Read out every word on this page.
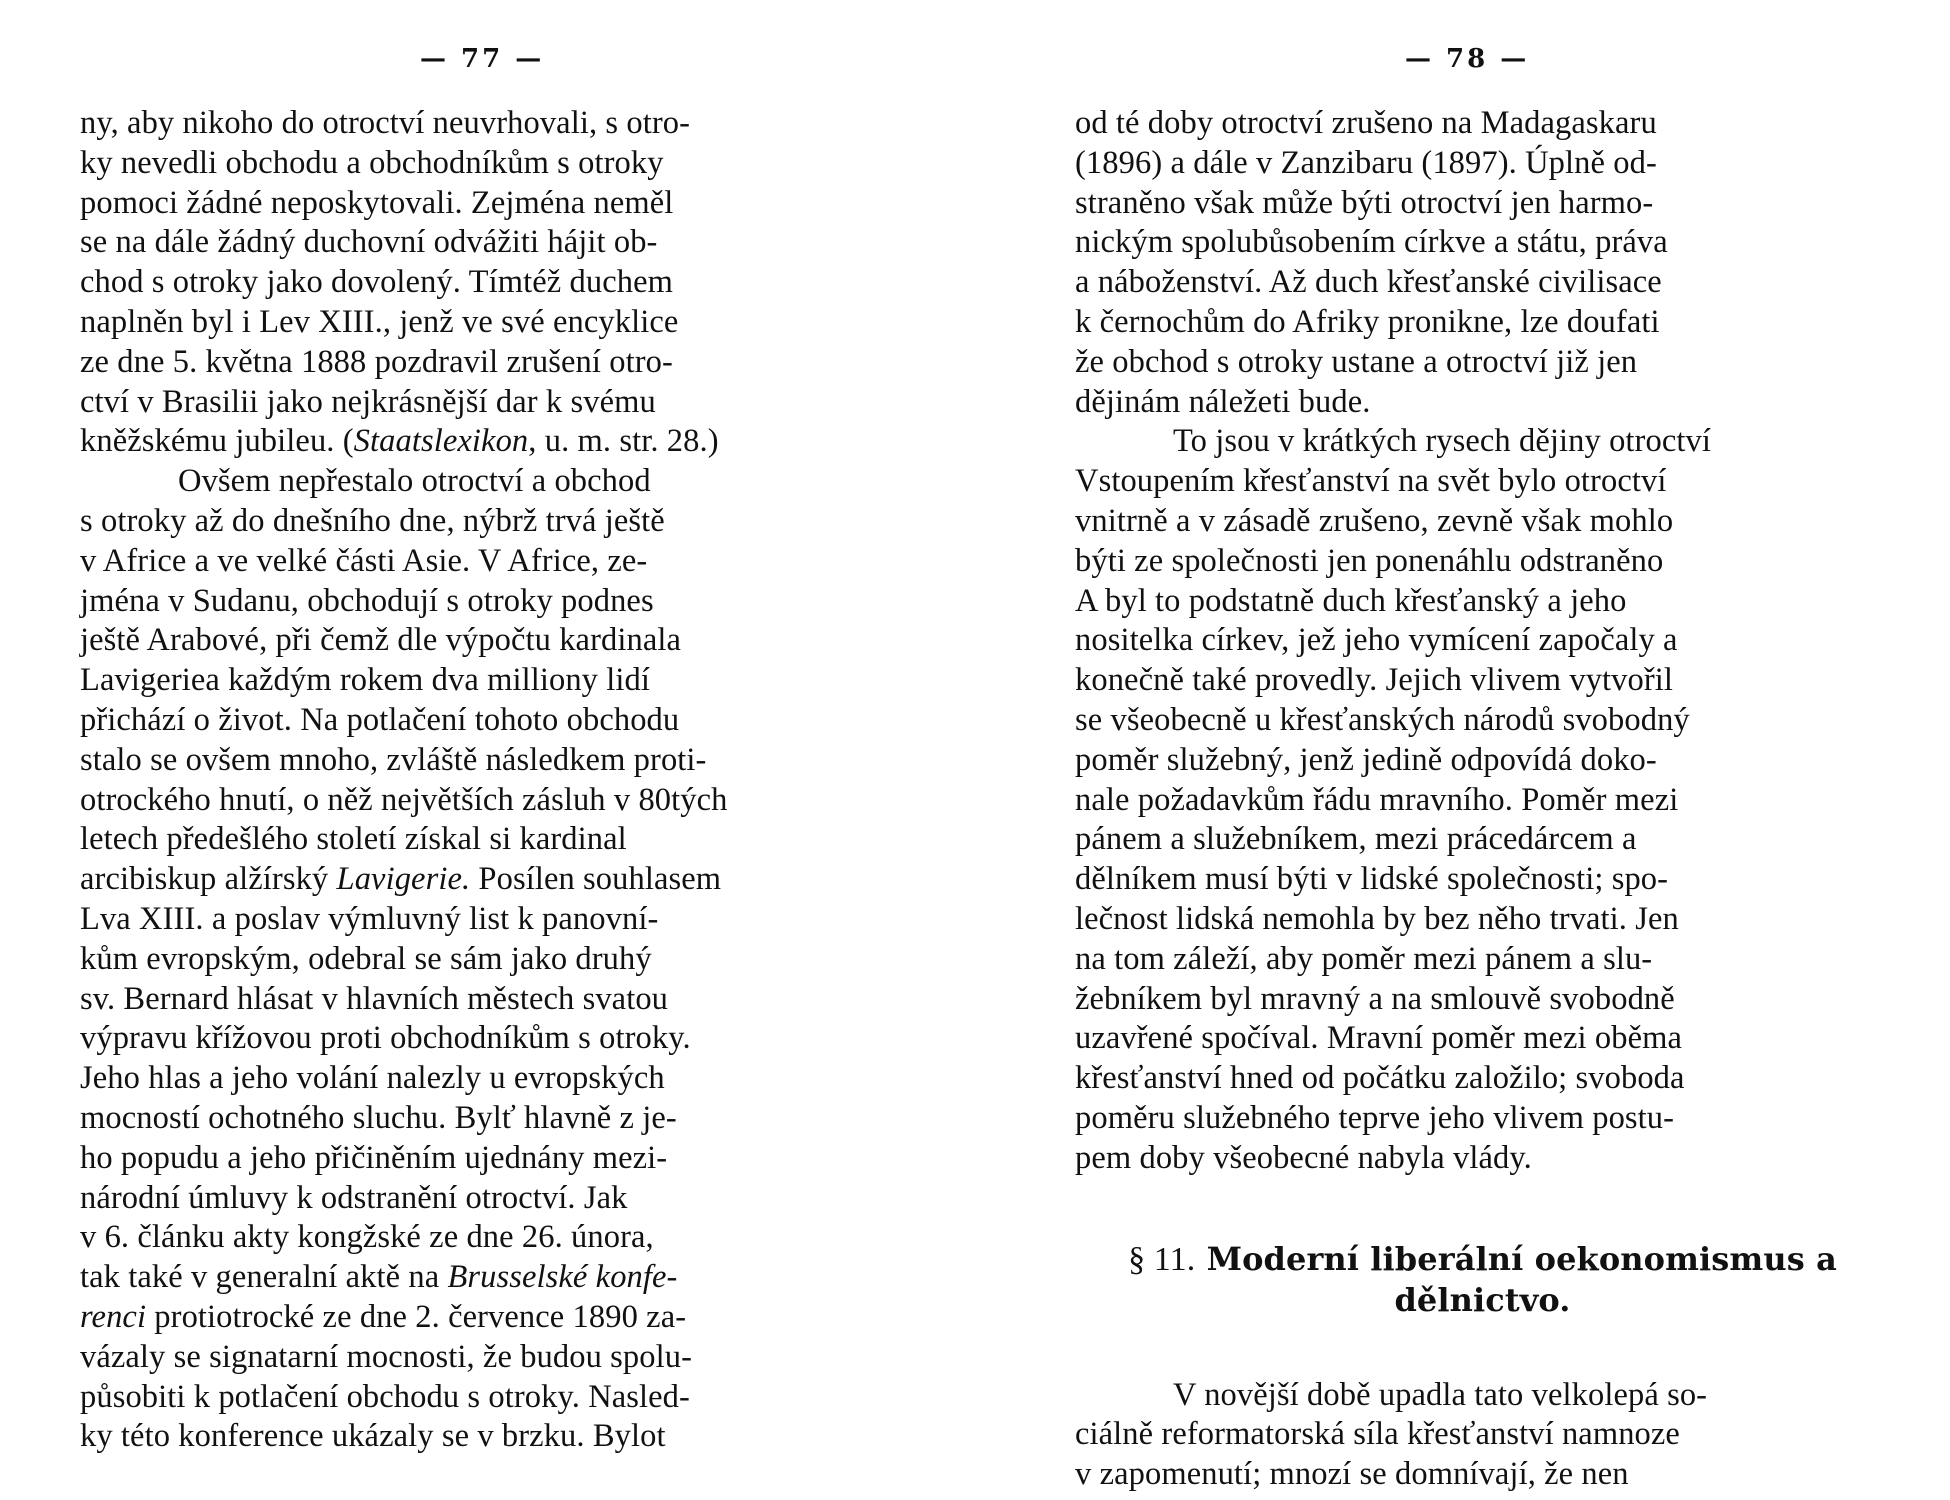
— 77 —

ny, aby nikoho do otroctví neuvrhovali, s otro-
ky nevedli obchodu a obchodníkům s otroky
pomoci žádné neposkytovali. Zejména neměl
se na dále žádný duchovní odvážiti hájit ob-
chod s otroky jako dovolený. Tímtéž duchem
naplněn byl i Lev XIII., jenž ve své encyklice
ze dne 5. května 1888 pozdravil zrušení otro-
ctví v Brasilii jako nejkrásnější dar k svému
kněžskému jubileu. (Staatslexikon, u. m. str. 28.)
Ovšem nepřestalo otroctví a obchod
s otroky až do dnešního dne, nýbrž trvá ještě
v Africe a ve velké části Asie. V Africe, ze-
jména v Sudanu, obchodují s otroky podnes
ještě Arabové, při čemž dle výpočtu kardinala
Lavigeriea každým rokem dva milliony lidí
přichází o život. Na potlačení tohoto obchodu
stalo se ovšem mnoho, zvláště následkem proti-
otrockého hnutí, o něž největších zásluh v 80tých
letech předešlého století získal si kardinal
arcibiskup alžírský Lavigerie. Posílen souhlasem
Lva XIII. a poslav výmluvný list k panovní-
kům evropským, odebral se sám jako druhý
sv. Bernard hlásat v hlavních městech svatou
výpravu křížovou proti obchodníkům s otroky.
Jeho hlas a jeho volání nalezly u evropských
mocností ochotného sluchu. Bylť hlavně z je-
ho popudu a jeho přičiněním ujednány mezi-
národní úmluvy k odstranění otroctví. Jak
v 6. článku akty kongžské ze dne 26. února,
tak také v generalní aktě na Brusselské konfe-
renci protiotrocké ze dne 2. července 1890 za-
vázaly se signatarní mocnosti, že budou spolu-
působiti k potlačení obchodu s otroky. Nasled-
ky této konference ukázaly se v brzku. Bylot

— 78 —

od té doby otroctví zrušeno na Madagaskaru
(1896) a dále v Zanzibaru (1897). Úplně od-
straněno však může býti otroctví jen harmo-
nickým spolubůsobením církve a státu, práva
a náboženství. Až duch křesťanské civilisace
k černochům do Afriky pronikne, lze doufati
že obchod s otroky ustane a otroctví již jen
dějinám náležeti bude.
To jsou v krátkých rysech dějiny otroctví
Vstoupením křesťanství na svět bylo otroctví
vnitrně a v zásadě zrušeno, zevně však mohlo
býti ze společnosti jen ponenáhlu odstraněno
A byl to podstatně duch křesťanský a jeho
nositelka církev, jež jeho vymícení započaly a
konečně také provedly. Jejich vlivem vytvořil
se všeobecně u křesťanských národů svobodný
poměr služebný, jenž jedině odpovídá doko-
nale požadavkům řádu mravního. Poměr mezi
pánem a služebníkem, mezi prácedárcem a
dělníkem musí býti v lidské společnosti; spo-
lečnost lidská nemohla by bez něho trvati. Jen
na tom záleží, aby poměr mezi pánem a slu-
žebníkem byl mravný a na smlouvě svobodně
uzavřené spočíval. Mravní poměr mezi oběma
křesťanství hned od počátku založilo; svoboda
poměru služebného teprve jeho vlivem postu-
pem doby všeobecné nabyla vlády.
§ 11. Moderní liberální oekonomismus a
dělnictvo.
V novější době upadla tato velkolepá so-
ciálně reformatorská síla křesťanství namnoze
v zapomenutí; mnozí se domnívají, že nen
